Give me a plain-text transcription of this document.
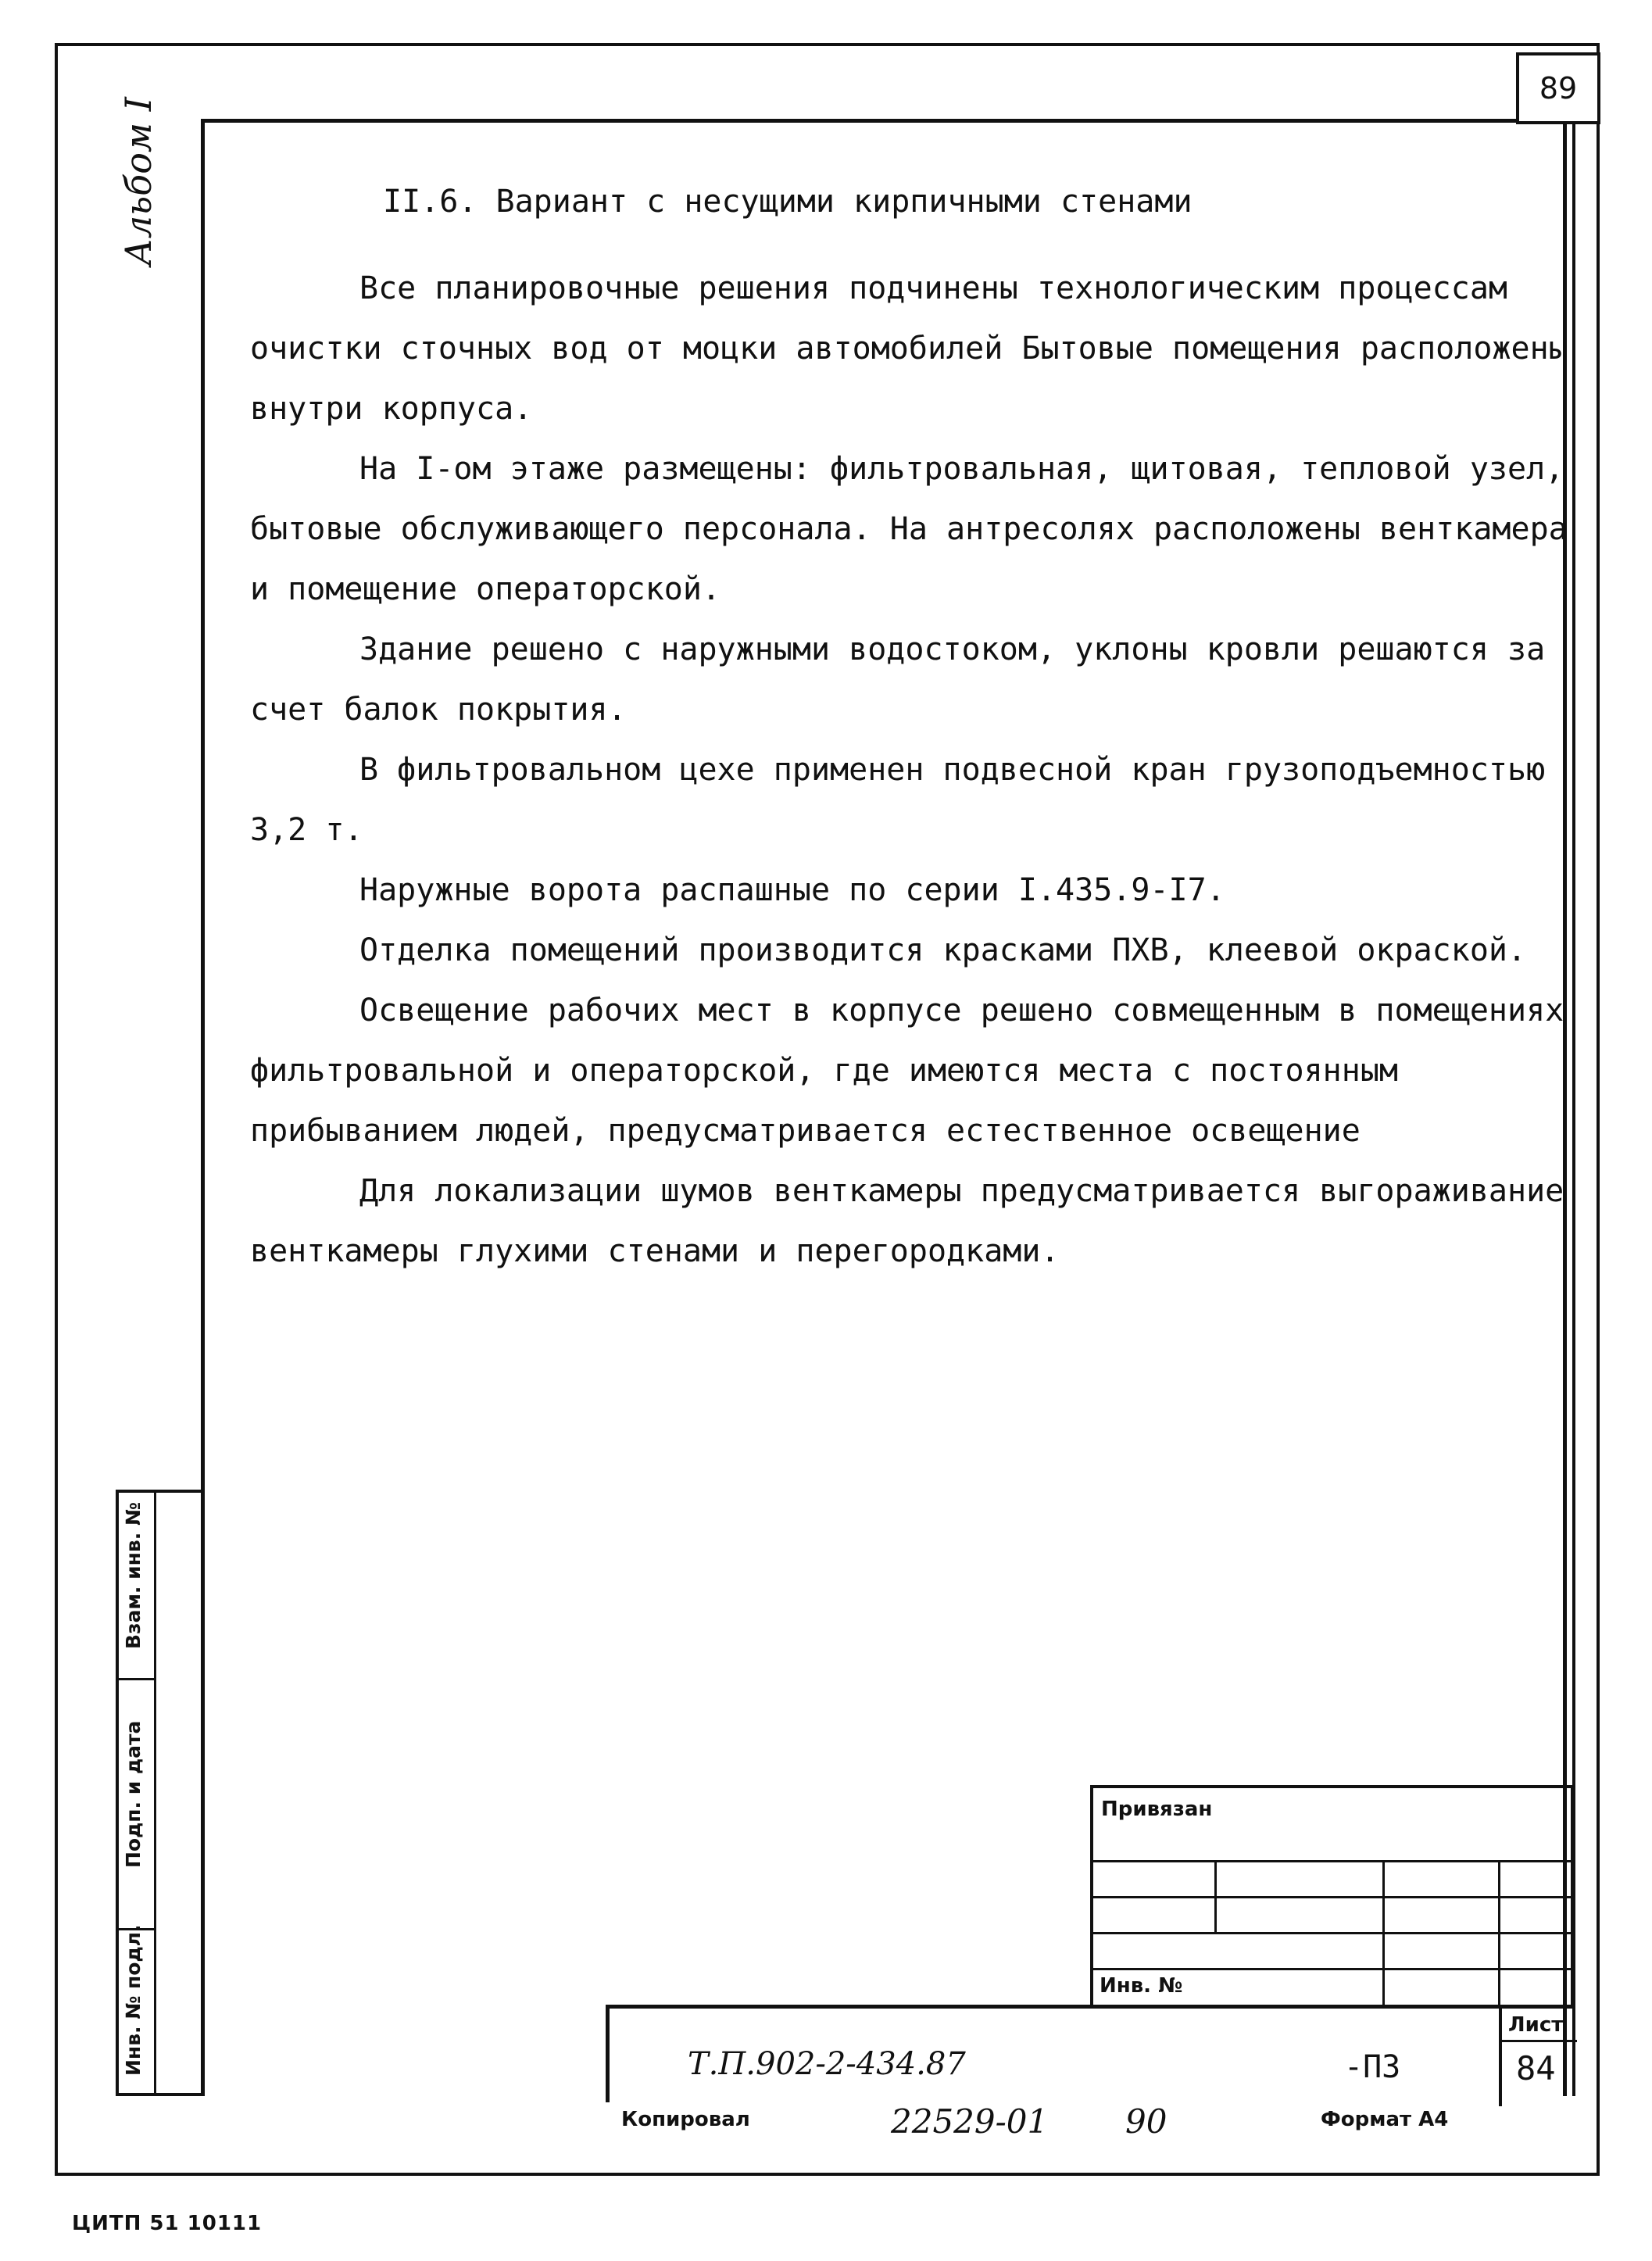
89
Альбом I	II.6. Вариант с несущими кирпичными стенами

Все планировочные решения подчинены технологическим процессам очистки сточных вод от моцки автомобилей Бытовые помещения расположены внутри корпуса.

На I-ом этаже размещены: фильтровальная, щитовая, тепловой узел, бытовые обслуживающего персонала. На антресолях расположены венткамера и помещение операторской.

Здание решено с наружными водостоком, уклоны кровли решаются за счет балок покрытия.

В фильтровальном цехе применен подвесной кран грузоподъемностью 3,2 т.

Наружные ворота распашные по серии I.435.9-I7.

Отделка помещений производится красками ПХВ, клеевой окраской.

Освещение рабочих мест в корпусе решено совмещенным в помещениях фильтровальной и операторской, где имеются места с постоянным прибыванием людей, предусматривается естественное освещение

Для локализации шумов венткамеры предусматривается выгораживание венткамеры глухими стенами и перегородками.

Взам. инв. №
Подп. и дата
Инв. № подл.
Привязан
Инв. №
Лист
84
Т.П.902-2-434.87	-ПЗ
Копировал	22529-01 90	Формат А4
ЦИТП 51 10111
